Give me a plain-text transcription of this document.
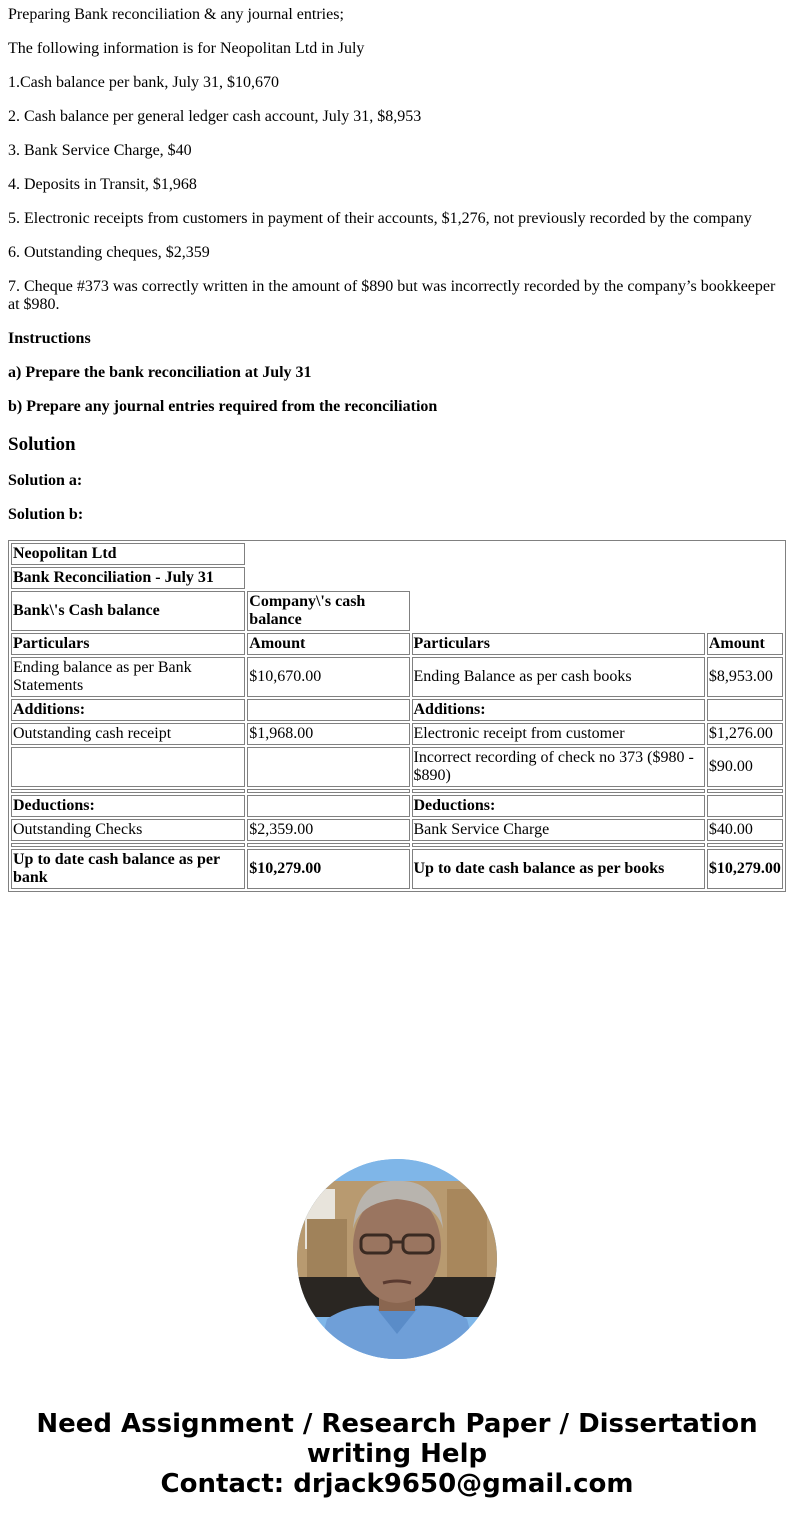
Preparing Bank reconciliation & any journal entries;

The following information is for Neopolitan Ltd in July

1.Cash balance per bank, July 31, $10,670

2. Cash balance per general ledger cash account, July 31, $8,953

3. Bank Service Charge, $40

4. Deposits in Transit, $1,968

5. Electronic receipts from customers in payment of their accounts, $1,276, not previously recorded by the company

6. Outstanding cheques, $2,359

7. Cheque #373 was correctly written in the amount of $890 but was incorrectly recorded by the company’s bookkeeper at $980.

Instructions

a) Prepare the bank reconciliation at July 31

b) Prepare any journal entries required from the reconciliation

Solution

Solution a:

Solution b:

Neopolitan Ltd			
Bank Reconciliation - July 31			
Bank\'s Cash balance	Company\'s cash balance		
Particulars	Amount	Particulars	Amount
Ending balance as per Bank Statements	$10,670.00	Ending Balance as per cash books	$8,953.00
Additions:		Additions:	
Outstanding cash receipt	$1,968.00	Electronic receipt from customer	$1,276.00
		Incorrect recording of check no 373 ($980 - $890)	$90.00

Deductions:		Deductions:	
Outstanding Checks	$2,359.00	Bank Service Charge	$40.00

Up to date cash balance as per bank	$10,279.00	Up to date cash balance as per books	$10,279.00
Need Assignment / Research Paper / Dissertation
writing Help
Contact: drjack9650@gmail.com
